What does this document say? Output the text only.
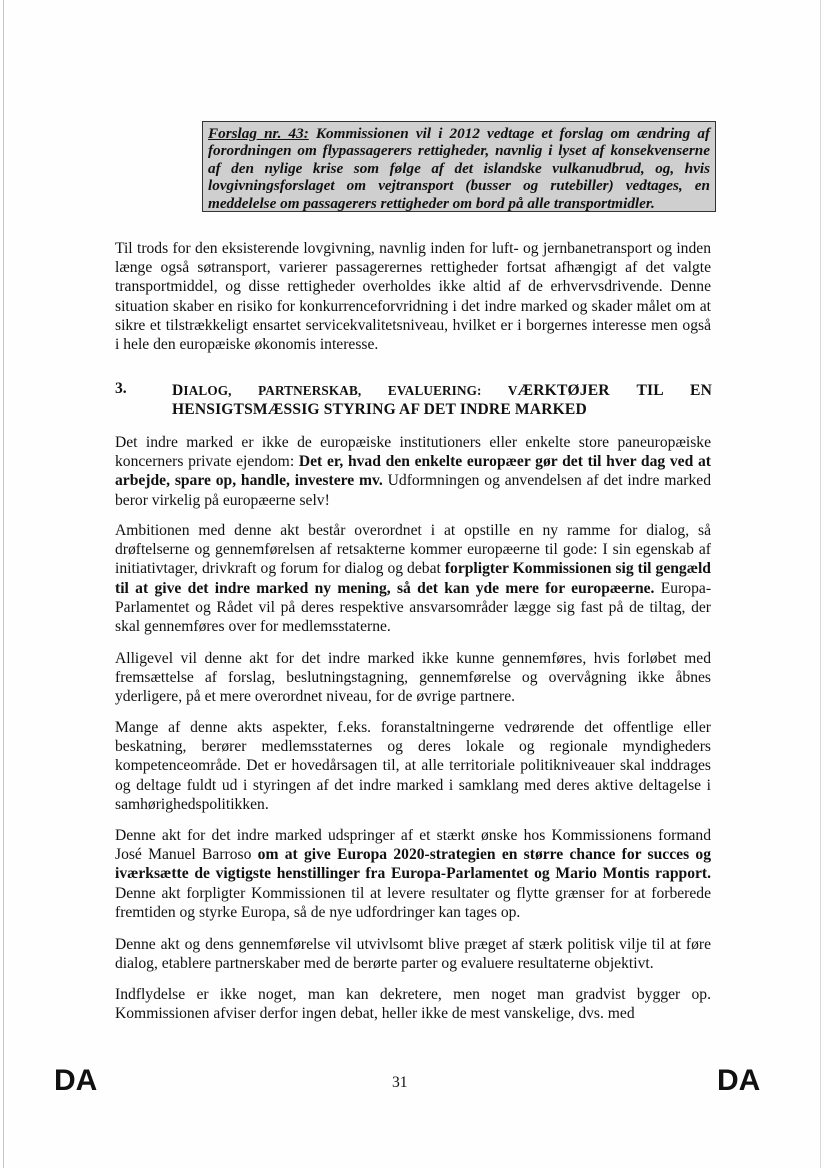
Forslag nr. 43: Kommissionen vil i 2012 vedtage et forslag om ændring af forordningen om flypassagerers rettigheder, navnlig i lyset af konsekvenserne af den nylige krise som følge af det islandske vulkanudbrud, og, hvis lovgivningsforslaget om vejtransport (busser og rutebiller) vedtages, en meddelelse om passagerers rettigheder om bord på alle transportmidler.

Til trods for den eksisterende lovgivning, navnlig inden for luft- og jernbanetransport og inden længe også søtransport, varierer passagerernes rettigheder fortsat afhængigt af det valgte transportmiddel, og disse rettigheder overholdes ikke altid af de erhvervsdrivende. Denne situation skaber en risiko for konkurrenceforvridning i det indre marked og skader målet om at sikre et tilstrækkeligt ensartet servicekvalitetsniveau, hvilket er i borgernes interesse men også i hele den europæiske økonomis interesse.

3.	DIALOG, PARTNERSKAB, EVALUERING: VÆRKTØJER TIL EN HENSIGTSMÆSSIG STYRING AF DET INDRE MARKED

Det indre marked er ikke de europæiske institutioners eller enkelte store paneuropæiske koncerners private ejendom: Det er, hvad den enkelte europæer gør det til hver dag ved at arbejde, spare op, handle, investere mv. Udformningen og anvendelsen af det indre marked beror virkelig på europæerne selv!

Ambitionen med denne akt består overordnet i at opstille en ny ramme for dialog, så drøftelserne og gennemførelsen af retsakterne kommer europæerne til gode: I sin egenskab af initiativtager, drivkraft og forum for dialog og debat forpligter Kommissionen sig til gengæld til at give det indre marked ny mening, så det kan yde mere for europæerne. Europa-Parlamentet og Rådet vil på deres respektive ansvarsområder lægge sig fast på de tiltag, der skal gennemføres over for medlemsstaterne.

Alligevel vil denne akt for det indre marked ikke kunne gennemføres, hvis forløbet med fremsættelse af forslag, beslutningstagning, gennemførelse og overvågning ikke åbnes yderligere, på et mere overordnet niveau, for de øvrige partnere.

Mange af denne akts aspekter, f.eks. foranstaltningerne vedrørende det offentlige eller beskatning, berører medlemsstaternes og deres lokale og regionale myndigheders kompetenceområde. Det er hovedårsagen til, at alle territoriale politikniveauer skal inddrages og deltage fuldt ud i styringen af det indre marked i samklang med deres aktive deltagelse i samhørighedspolitikken.

Denne akt for det indre marked udspringer af et stærkt ønske hos Kommissionens formand José Manuel Barroso om at give Europa 2020-strategien en større chance for succes og iværksætte de vigtigste henstillinger fra Europa-Parlamentet og Mario Montis rapport. Denne akt forpligter Kommissionen til at levere resultater og flytte grænser for at forberede fremtiden og styrke Europa, så de nye udfordringer kan tages op.

Denne akt og dens gennemførelse vil utvivlsomt blive præget af stærk politisk vilje til at føre dialog, etablere partnerskaber med de berørte parter og evaluere resultaterne objektivt.

Indflydelse er ikke noget, man kan dekretere, men noget man gradvist bygger op. Kommissionen afviser derfor ingen debat, heller ikke de mest vanskelige, dvs. med

DA	31	DA
